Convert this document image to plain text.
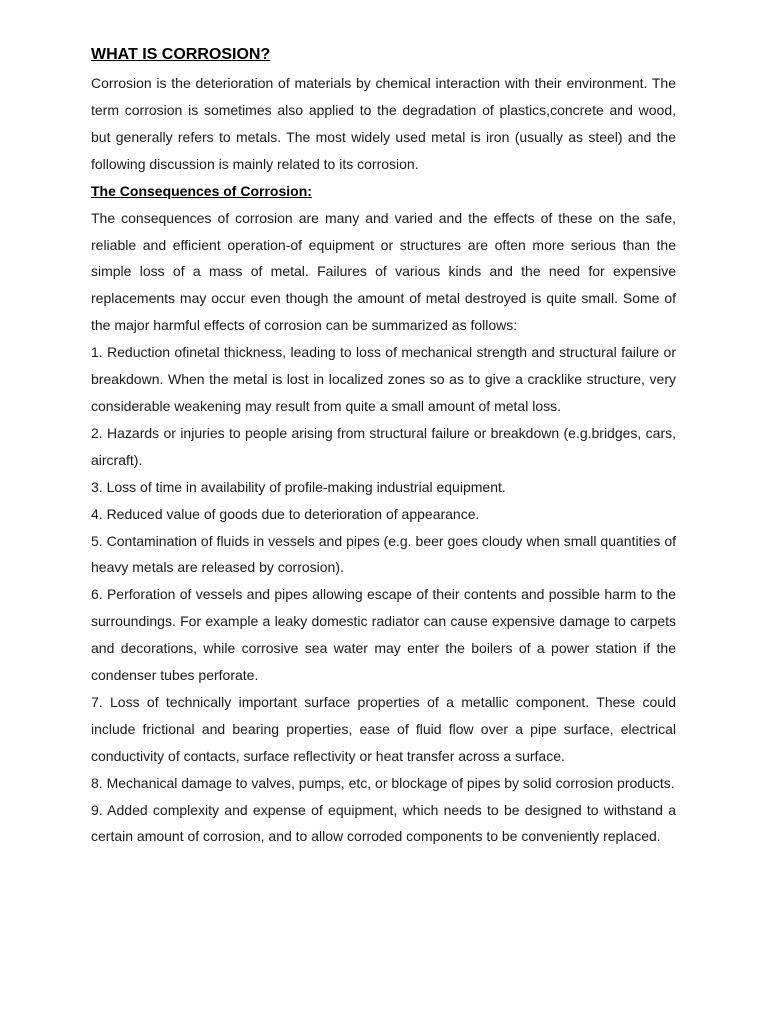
WHAT IS CORROSION?

Corrosion is the deterioration of materials by chemical interaction with their environment. The term corrosion is sometimes also applied to the degradation of plastics,concrete and wood, but generally refers to metals. The most widely used metal is iron (usually as steel) and the following discussion is mainly related to its corrosion.

The Consequences of Corrosion:

The consequences of corrosion are many and varied and the effects of these on the safe, reliable and efficient operation-of equipment or structures are often more serious than the simple loss of a mass of metal. Failures of various kinds and the need for expensive replacements may occur even though the amount of metal destroyed is quite small. Some of the major harmful effects of corrosion can be summarized as follows:

1. Reduction ofinetal thickness, leading to loss of mechanical strength and structural failure or breakdown. When the metal is lost in localized zones so as to give a cracklike structure, very considerable weakening may result from quite a small amount of metal loss.

2. Hazards or injuries to people arising from structural failure or breakdown (e.g.bridges, cars, aircraft).

3. Loss of time in availability of profile-making industrial equipment.

4. Reduced value of goods due to deterioration of appearance.

5. Contamination of fluids in vessels and pipes (e.g. beer goes cloudy when small quantities of heavy metals are released by corrosion).

6. Perforation of vessels and pipes allowing escape of their contents and possible harm to the surroundings. For example a leaky domestic radiator can cause expensive damage to carpets and decorations, while corrosive sea water may enter the boilers of a power station if the condenser tubes perforate.

7. Loss of technically important surface properties of a metallic component. These could include frictional and bearing properties, ease of fluid flow over a pipe surface, electrical conductivity of contacts, surface reflectivity or heat transfer across a surface.

8. Mechanical damage to valves, pumps, etc, or blockage of pipes by solid corrosion products.

9. Added complexity and expense of equipment, which needs to be designed to withstand a certain amount of corrosion, and to allow corroded components to be conveniently replaced.
